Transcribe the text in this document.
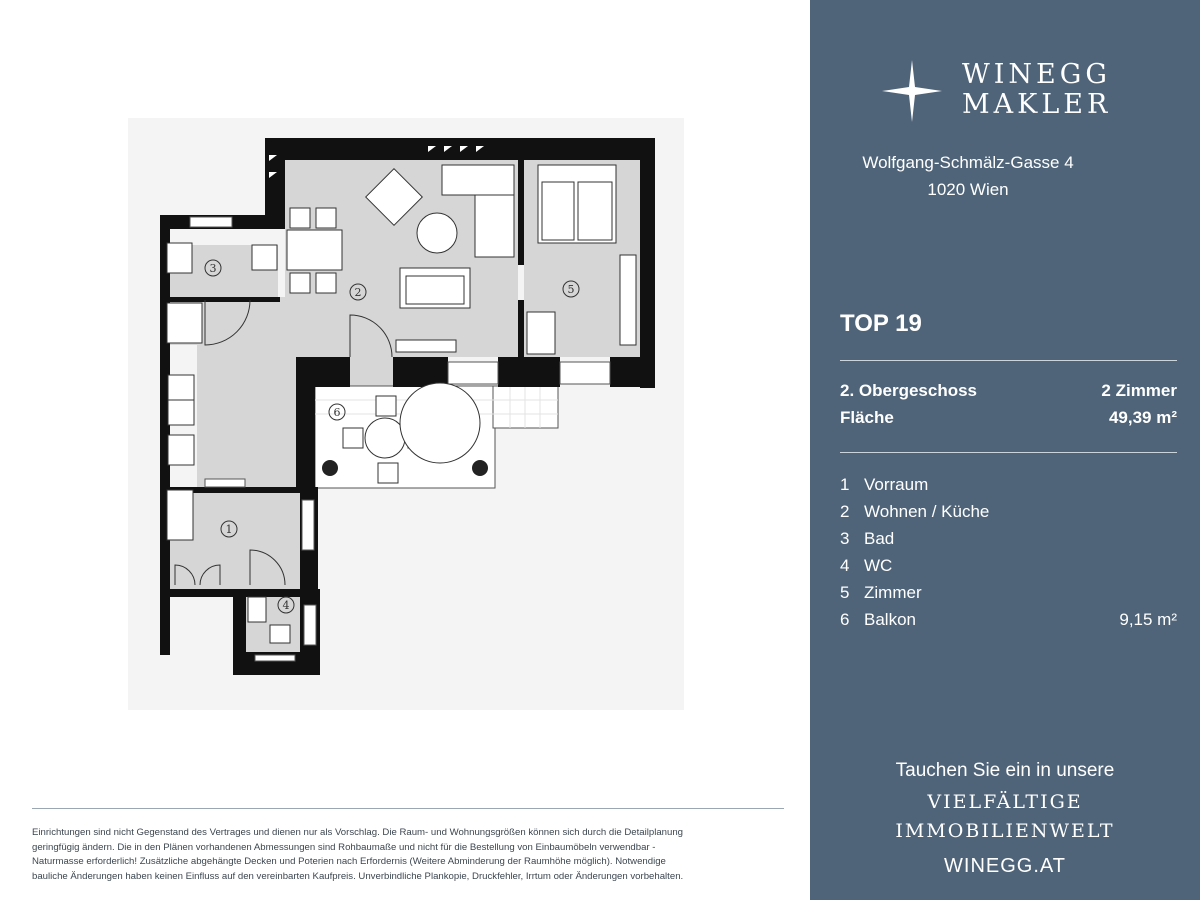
1
2
3
4
5
6
Einrichtungen sind nicht Gegenstand des Vertrages und dienen nur als Vorschlag. Die Raum- und Wohnungsgrößen können sich durch die Detailplanung
geringfügig ändern. Die in den Plänen vorhandenen Abmessungen sind Rohbaumaße und nicht für die Bestellung von Einbaumöbeln verwendbar -
Naturmasse erforderlich! Zusätzliche abgehängte Decken und Poterien nach Erfordernis (Weitere Abminderung der Raumhöhe möglich). Notwendige
bauliche Änderungen haben keinen Einfluss auf den vereinbarten Kaufpreis. Unverbindliche Plankopie, Druckfehler, Irrtum oder Änderungen vorbehalten.
WINEGG
MAKLER
Wolfgang-Schmälz-Gasse 4
1020 Wien
TOP 19
2. Obergeschoss	2 Zimmer
Fläche	49,39 m²
1 Vorraum
2 Wohnen / Küche
3 Bad
4 WC
5 Zimmer
6 Balkon	9,15 m²
Tauchen Sie ein in unsere
VIELFÄLTIGE
IMMOBILIENWELT
WINEGG.AT
